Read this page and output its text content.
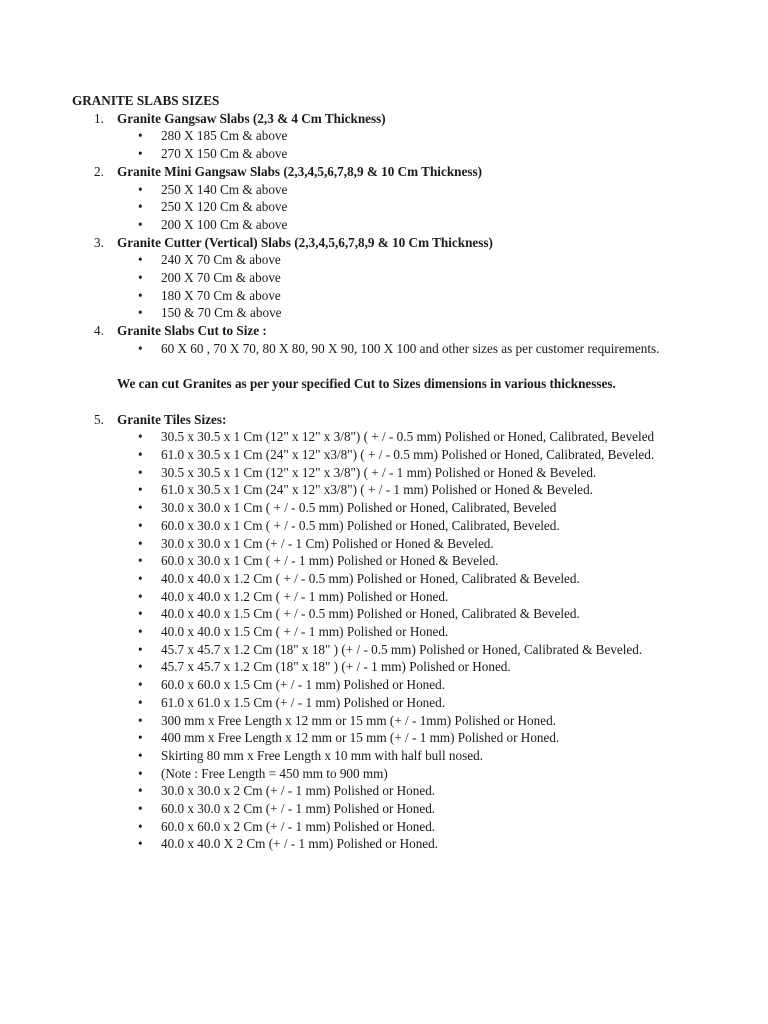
GRANITE SLABS SIZES
1. Granite Gangsaw Slabs (2,3 & 4 Cm Thickness)
• 280 X 185 Cm & above
• 270 X 150 Cm & above
2. Granite Mini Gangsaw Slabs (2,3,4,5,6,7,8,9 & 10 Cm Thickness)
• 250 X 140 Cm & above
• 250 X 120 Cm & above
• 200 X 100 Cm & above
3. Granite Cutter (Vertical) Slabs (2,3,4,5,6,7,8,9 & 10 Cm Thickness)
• 240 X 70 Cm & above
• 200 X 70 Cm & above
• 180 X 70 Cm & above
• 150 & 70 Cm & above
4. Granite Slabs Cut to Size :
• 60 X 60 , 70 X 70, 80 X 80, 90 X 90, 100 X 100 and other sizes as per customer requirements.
We can cut Granites as per your specified Cut to Sizes dimensions in various thicknesses.
5. Granite Tiles Sizes:
• 30.5 x 30.5 x 1 Cm (12" x 12" x 3/8") ( + / - 0.5 mm) Polished or Honed, Calibrated, Beveled
• 61.0 x 30.5 x 1 Cm (24" x 12" x3/8") ( + / - 0.5 mm) Polished or Honed, Calibrated, Beveled.
• 30.5 x 30.5 x 1 Cm (12" x 12" x 3/8") ( + / - 1 mm) Polished or Honed & Beveled.
• 61.0 x 30.5 x 1 Cm (24" x 12" x3/8") ( + / - 1 mm) Polished or Honed & Beveled.
• 30.0 x 30.0 x 1 Cm ( + / - 0.5 mm) Polished or Honed, Calibrated, Beveled
• 60.0 x 30.0 x 1 Cm ( + / - 0.5 mm) Polished or Honed, Calibrated, Beveled.
• 30.0 x 30.0 x 1 Cm (+ / - 1 Cm) Polished or Honed & Beveled.
• 60.0 x 30.0 x 1 Cm ( + / - 1 mm) Polished or Honed & Beveled.
• 40.0 x 40.0 x 1.2 Cm ( + / - 0.5 mm) Polished or Honed, Calibrated & Beveled.
• 40.0 x 40.0 x 1.2 Cm ( + / - 1 mm) Polished or Honed.
• 40.0 x 40.0 x 1.5 Cm ( + / - 0.5 mm) Polished or Honed, Calibrated & Beveled.
• 40.0 x 40.0 x 1.5 Cm ( + / - 1 mm) Polished or Honed.
• 45.7 x 45.7 x 1.2 Cm (18" x 18" ) (+ / - 0.5 mm) Polished or Honed, Calibrated & Beveled.
• 45.7 x 45.7 x 1.2 Cm (18" x 18" ) (+ / - 1 mm) Polished or Honed.
• 60.0 x 60.0 x 1.5 Cm (+ / - 1 mm) Polished or Honed.
• 61.0 x 61.0 x 1.5 Cm (+ / - 1 mm) Polished or Honed.
• 300 mm x Free Length x 12 mm or 15 mm (+ / - 1mm) Polished or Honed.
• 400 mm x Free Length x 12 mm or 15 mm (+ / - 1 mm) Polished or Honed.
• Skirting 80 mm x Free Length x 10 mm with half bull nosed.
• (Note : Free Length = 450 mm to 900 mm)
• 30.0 x 30.0 x 2 Cm (+ / - 1 mm) Polished or Honed.
• 60.0 x 30.0 x 2 Cm (+ / - 1 mm) Polished or Honed.
• 60.0 x 60.0 x 2 Cm (+ / - 1 mm) Polished or Honed.
• 40.0 x 40.0 X 2 Cm (+ / - 1 mm) Polished or Honed.
